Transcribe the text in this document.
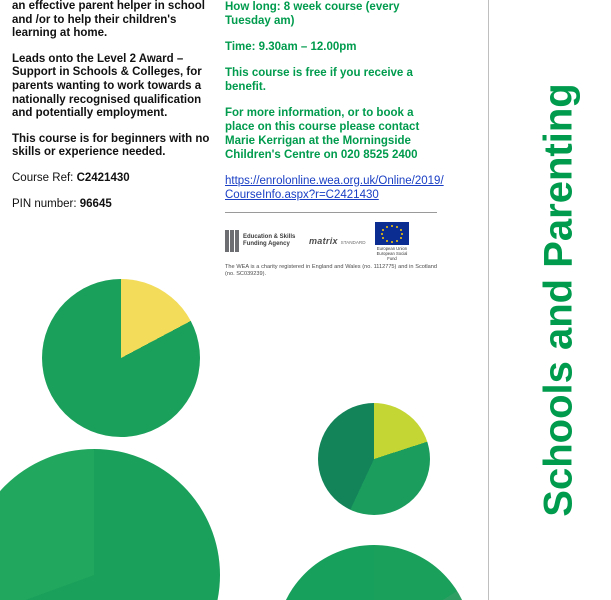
an effective parent helper in school and /or to help their children's learning at home.

Leads onto the Level 2 Award –Support in Schools & Colleges, for parents wanting to work towards a nationally recognised qualification and potentially employment.

This course is for beginners with no skills or experience needed.

Course Ref: C2421430

PIN number: 96645

How long: 8 week course (every Tuesday am)

Time: 9.30am – 12.00pm

This course is free if you receive a benefit.

For more information, or to book a place on this course please contact Marie Kerrigan at the Morningside Children's Centre on 020 8525 2400

https://enrolonline.wea.org.uk/Online/2019/CourseInfo.aspx?r=C2421430

Education & Skills
Funding Agency	matrix STANDARD
European Union European Social Fund
The WEA is a charity registered in England and Wales (no. 1112775) and in Scotland (no. SC039239).	Schools and Parenting
